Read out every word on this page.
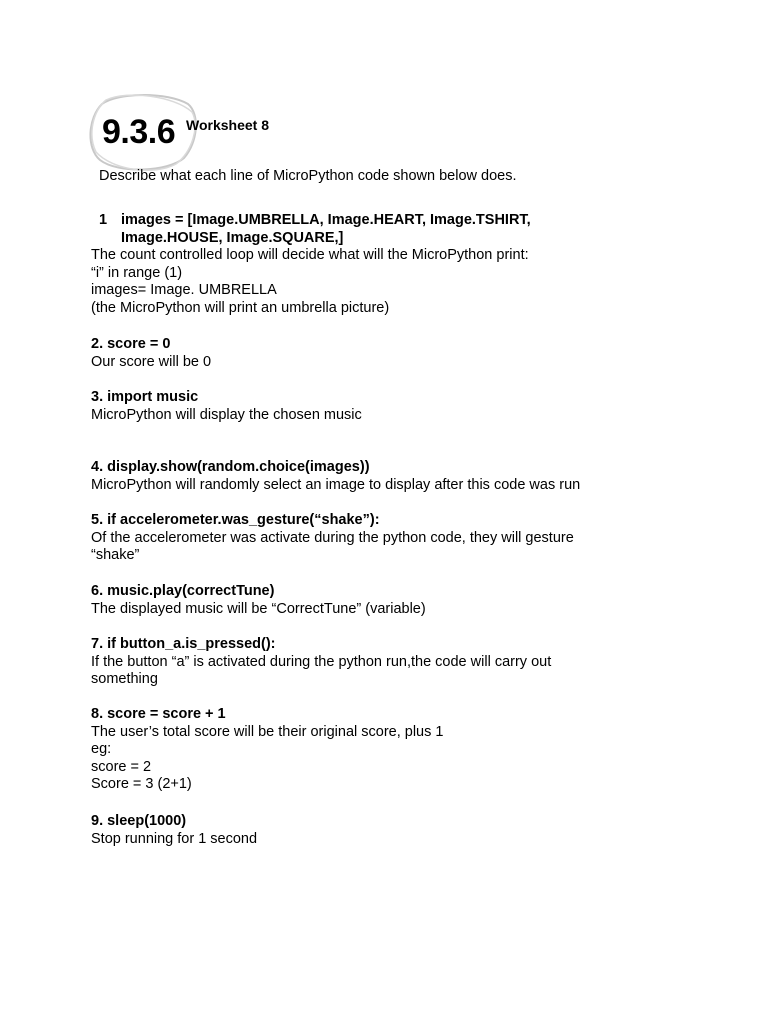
9.3.6 Worksheet 8

Describe what each line of MicroPython code shown below does.

1 images = [Image.UMBRELLA, Image.HEART, Image.TSHIRT,
Image.HOUSE, Image.SQUARE,]
The count controlled loop will decide what will the MicroPython print:
“i” in range (1)
images= Image. UMBRELLA
(the MicroPython will print an umbrella picture)
2. score = 0
Our score will be 0
3. import music
MicroPython will display the chosen music
4. display.show(random.choice(images))
MicroPython will randomly select an image to display after this code was run
5. if accelerometer.was_gesture(“shake”):
Of the accelerometer was activate during the python code, they will gesture
“shake”
6. music.play(correctTune)
The displayed music will be “CorrectTune” (variable)
7. if button_a.is_pressed():
If the button “a” is activated during the python run,the code will carry out
something
8. score = score + 1
The user’s total score will be their original score, plus 1
eg:
score = 2
Score = 3 (2+1)
9. sleep(1000)
Stop running for 1 second
